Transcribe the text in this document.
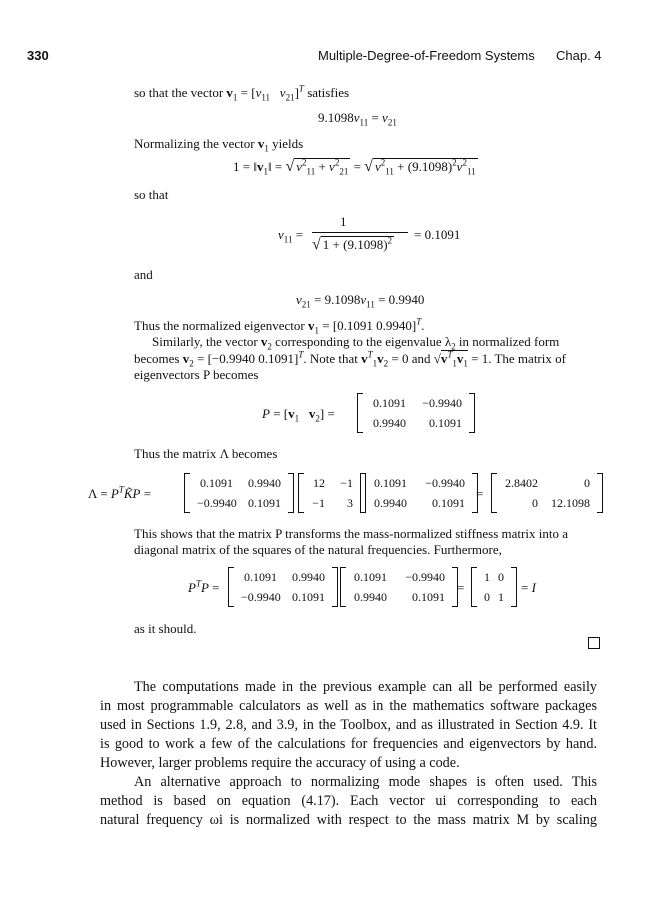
330	Multiple-Degree-of-Freedom Systems Chap. 4
so that the vector $v_1 = [v_{11}$ $v_{21}]^T$ satisfies
$9.1098v_{11} = v_{21}$
Normalizing the vector $v_1$ yields
$1 = ‖v_1‖$ = √ $v^2_{11} + v^2_{21}$ = √ $v^2_{11} + (9.1098)^2v^2_{11}$
so that
$v_{11}$ =
1
√ $1 + (9.1098)^2 = 0.1091$
and
$v_{21} = 9.1098v_{11} = 0.9940$
Thus the normalized eigenvector $v_1 = [0.1091$ 0.9940]$^T$.
Similarly, the vector $v_2$ corresponding to the eigenvalue $\lambda_2$ in normalized form
becomes $v_2 = [-0.9940$ 0.1091]$^T$. Note that $v^T_1v_2 = 0$ and $√v^T_1v_1 = 1$. The matrix of
eigenvectors P becomes
$P = [v_1$ $v_2$] =
0.1091	−0.9940
0.9940	0.1091
Thus the matrix Λ becomes
$\Lambda = P^TK̃P$ =
0.1091	0.9940
−0.9940 0.1091
12	−1
−1	3
0.1091	−0.9940
0.9940	0.1091
=
2.8402	0
0	12.1098
This shows that the matrix P transforms the mass-normalized stiffness matrix into a
diagonal matrix of the squares of the natural frequencies. Furthermore,
$P^TP$ =
0.1091	0.9940
−0.9940 0.1091
0.1091	−0.9940
0.9940	0.1091
=
1 0
0 1
= I
as it should.
The computations made in the previous example can all be performed easily
in most programmable calculators as well as in the mathematics software packages
used in Sections 1.9, 2.8, and 3.9, in the Toolbox, and as illustrated in Section 4.9. It
is good to work a few of the calculations for frequencies and eigenvectors by hand.
However, larger problems require the accuracy of using a code.
An alternative approach to normalizing mode shapes is often used. This
method is based on equation (4.17). Each vector ui corresponding to each
natural frequency ωi is normalized with respect to the mass matrix M by scaling
